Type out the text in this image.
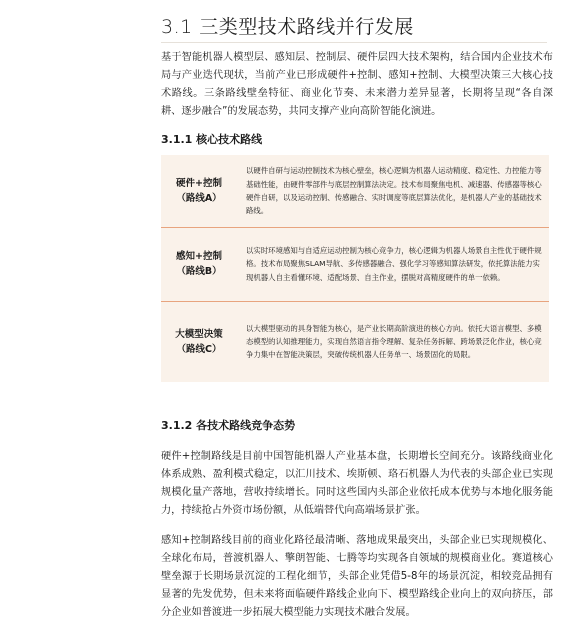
3.1 三类型技术路线并行发展

基于智能机器人模型层、感知层、控制层、硬件层四大技术架构，结合国内企业技术布局与产业迭代现状，当前产业已形成硬件+控制、感知+控制、大模型决策三大核心技术路线。三条路线壁垒特征、商业化节奏、未来潜力差异显著，长期将呈现“各自深耕、逐步融合”的发展态势，共同支撑产业向高阶智能化演进。

3.1.1 核心技术路线
硬件+控制
（路线A）
以硬件自研与运动控制技术为核心壁垒，核心逻辑为机器人运动精度、稳定性、力控能力等基础性能，由硬件零部件与底层控制算法决定。技术布局聚焦电机、减速器、传感器等核心硬件自研，以及运动控制、传感融合、实时调度等底层算法优化，是机器人产业的基础技术路线。
感知+控制
（路线B）
以实时环境感知与自适应运动控制为核心竞争力，核心逻辑为机器人场景自主性优于硬件规格。技术布局聚焦SLAM导航、多传感器融合、强化学习等感知算法研发，依托算法能力实现机器人自主看懂环境、适配场景、自主作业，摆脱对高精度硬件的单一依赖。
大模型决策
（路线C）
以大模型驱动的具身智能为核心，是产业长期高阶演进的核心方向。依托大语言模型、多模态模型的认知推理能力，实现自然语言指令理解、复杂任务拆解、跨场景泛化作业，核心竞争力集中在智能决策层，突破传统机器人任务单一、场景固化的局限。
3.1.2 各技术路线竞争态势

硬件+控制路线是目前中国智能机器人产业基本盘，长期增长空间充分。该路线商业化体系成熟、盈利模式稳定，以汇川技术、埃斯顿、珞石机器人为代表的头部企业已实现规模化量产落地，营收持续增长。同时这些国内头部企业依托成本优势与本地化服务能力，持续抢占外资市场份额，从低端替代向高端场景扩张。

感知+控制路线目前的商业化路径最清晰、落地成果最突出，头部企业已实现规模化、全球化布局，普渡机器人、擎朗智能、七腾等均实现各自领域的规模商业化。赛道核心壁垒源于长期场景沉淀的工程化细节，头部企业凭借5-8年的场景沉淀，相较竞品拥有显著的先发优势，但未来将面临硬件路线企业向下、模型路线企业向上的双向挤压，部分企业如普渡进一步拓展大模型能力实现技术融合发展。
